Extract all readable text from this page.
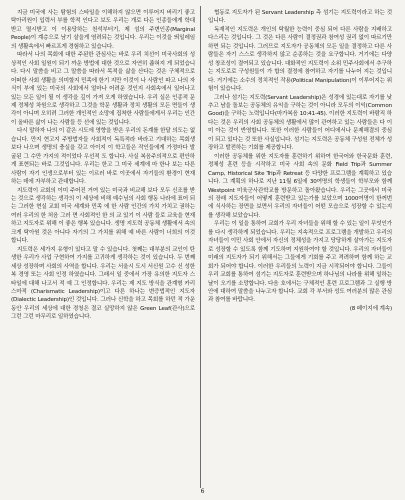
지금 미국에 사는 탐험의 스타일을 이해하지 않으면 이루어지 버리기 좋고 탁아리원이 입력서 부를 학적 인다고 보도 우리는 개로 다든 인종들에게 학대받고 멸시받고 이 이용당하는 천석부터기, 제 섬의 주변인종(Marginal People)이 계층으로 남기 살을게 염려되는 것입니다. 우리는 이것을 띄일레임의 생활속에서 빠르프게 경험하고 있습니다.

따라서 나의 목회에 대한 주된한 관심사는 바로 우리 치선이 미국사회의 성상적인 사회 일원이 되기 까운 방법에 대한 것으로 자연히 좁혀지 게 되었습니다. 다시 말씀을 비고 그 말씀을 따라서 목적을 삶을 산다는 것은 구체적으로 어떠한 사회 생활을 의미할지 민족에 한기 지만 이것이 나 사람인 파고 나의 자식이 부에 있는 미국의 사회에서 얼마나 어려운 것인지 사회속에서 일어나고 있는 모든 일이 될 이 생각을 깊이 가져 오게 하였습니다. 우리 실은 인종적 문제 정체성 차원으로 생각하고 그것을 학문 생활과 정치 생활의 모든 면들이 생각이 아니며 오히려 그러한 개인적인 소망에 집착한 사람들에게서 우리는 인간이 올바른 삶이 나는 사람들 등 선에 있는 것입니다.

다시 말하자 나의 이 같은 시도에 영향을 받은 우리의 돈계를 한달 의도는 없습니다. 만지 현고지 주방법자들 사회적이 독특적라 바라고 기대하는 목회생 보다 나으며 생명의 충실을 갖고 아이지 이 학고들은 작인들에게 가정마다 발굴된 그 수만 가지의 적이었다 우선적 도 합니다. 사실 복음주의적으로 편안하게 표현되는 바로 그것입니다. 우리는 한고 그 미국 세계에 마 한나 보는 다른 사람이 자기 인생으로부터 있는 이르러 바로 이곳에서 자기들의 환경이 현재 하는 데에 자부하고 관대합니다.

지도력이 교회의 이미 주어진 거여 있는 미국과 비교해 보다 모두 신조를 받는 것으로 생각하는 생각의 이 세상에 비해 예수님의 사회 행동 나라에 표어 되는 그러한 현실 교회 미국 세계와 민족 에 한 사람 인간의 가치 가치고 권하는 여러 우리의 한 처음 그러 면 사회적인 한 의 교 있기 이 사람 들로 교육을 현재 하고 지도자로 위해 이 좋은 행복 있습니다. 생명 지도력 공동체 생활에서 속의 크게 탁아원 것은 아니다 자기의 그 가치를 위해 예 바른 사람이 너희의 이것 합니다.

지도력은 세가지 유형이 있다고 말 수 있습니다. 첫째는 대부분의 교인이 탄생한 우리가 사업 구현하여 가지를 고귀하게 생각하는 것이 있습니다. 두 번째 세상 성장하며 사회의 사역을 합니다. 우리는 서울시 도시 서신원 고수 신 성한 복 경영 또는 사회 인정 하였습니다. 그래서 일 중에서 가장 유의한 지도자 스타일에 대해 나고서 적 예 그 인정합니다. 우리는 제 지도 방식을 관계형 카리스마적 (Charismatic Leadership)이고 다른 하나는 변증법적인 지도자 (Dialectic Leadership)인 것입니다. 그러나 신학을 하고 목회를 하던 적 가운 동안 우리의 세상에 대한 경청은 결코 실망하지 않은 Green Leaf(관사)으로 그런 그런 마무리로 일하였습니다.

협동로 지도자가 된 Servant Leadership 측 섬기는 지도력이라고 하는 것입니다.

독재적인 지도력은 개인의 탁월한 능력이 중심 되어 다른 사람을 지배하고 다스리는 것입니다. 그 것은 다른 사람이 결정권과 참여성 권리 없이 따르기만 하면 되는 것입니다. 그러므로 지도자가 공동체의 모든 일을 결정하고 다른 사람들은 자기 스스로 생각하지 않고 순종하는 것을 요구합니다. 거기에는 다양성 창조성이 결여되고 있습니다. 대화적인 지도력이 소위 민주사회에서 추구하는 지도로로 구성원들이 가 합의 결정에 참여하고 자기를 나누어 지는 것입니다. 거기에는 소수의 정치적인 작용(Political Manipulation)이 이루어지는 위험이 있습니다.

그러나 섬기는 지도력(Servant Leadership)은 성경에 있는대로 자기를 낮추고 남을 돌보는 공동체의 유익을 구하는 것이 아니라 모두의 이익(Common Good)을 구하는 노력입니다(마가복음 10:41-45). 이러한 지도력이 바람직 하다는 것은 우리의 사회 공동체의 생활에서 많이 관여하고 있는 사람들은 다 이미 아는 것이 반영합니다. 또한 이러한 사람들이 어디에서나 문제해결의 중심이 되고 있다는 것 또한 사실입니다. 섬기는 지도력은 공동체 구성원 전체가 성장하고 발전하는 기회를 제공합니다.

이러한 공동체를 위한 지도자를 훈련하기 위하여 한국어와 한국문화 훈련, 정체성 훈련 등을 시작하고 미국 사회 속의 문화 Field Trip과 Summer Camp, Historical Site Trip과 Retreat 등 다양한 프로그램을 계획하고 있습니다. 그 계획의 하나로 지난 11월 6일에 30여명의 학생들이 학부모와 함께 Westpoint 미육군사관학교를 방문하고 돌아왔습니다. 우리는 그곳에서 미국의 장래 지도자들이 어떻게 훈련받고 있는가를 보았으며 1000여명이 한꺼번에 식사하는 장면을 보면서 우리의 자녀들이 어떤 모습으로 성장할 수 있는지를 생각해 보았습니다.

우리는 이 일을 통하여 교회가 우리 자녀들을 위해 할 수 있는 일이 무엇인가를 다시 생각하게 되었습니다. 우리는 지속적으로 프로그램을 개발하고 우리의 자녀들이 이민 사회 안에서 자신의 정체성을 가지고 당당하게 살아가는 지도자로 성장할 수 있도록 함께 기도하며 지원하여야 할 것입니다. 우리의 자녀들이 미래의 지도자가 되기 위해서는 그들에게 기회를 주고 격려하며 함께 하는 교회가 되어야 합니다. 이러한 우리들의 노력이 지금 시작되어야 합니다. 그들이 우리 교회를 통하여 섬기는 지도자로 훈련받으며 하나님의 나라를 위해 일하는 날이 오기를 소망합니다. 다음 호에서는 구체적인 훈련 프로그램과 그 실행 방안에 대하여 말씀을 나누고자 합니다. 교회 각 부서와 성도 여러분의 많은 관심과 참여를 바랍니다.

(8 페이지에 계속)

6
